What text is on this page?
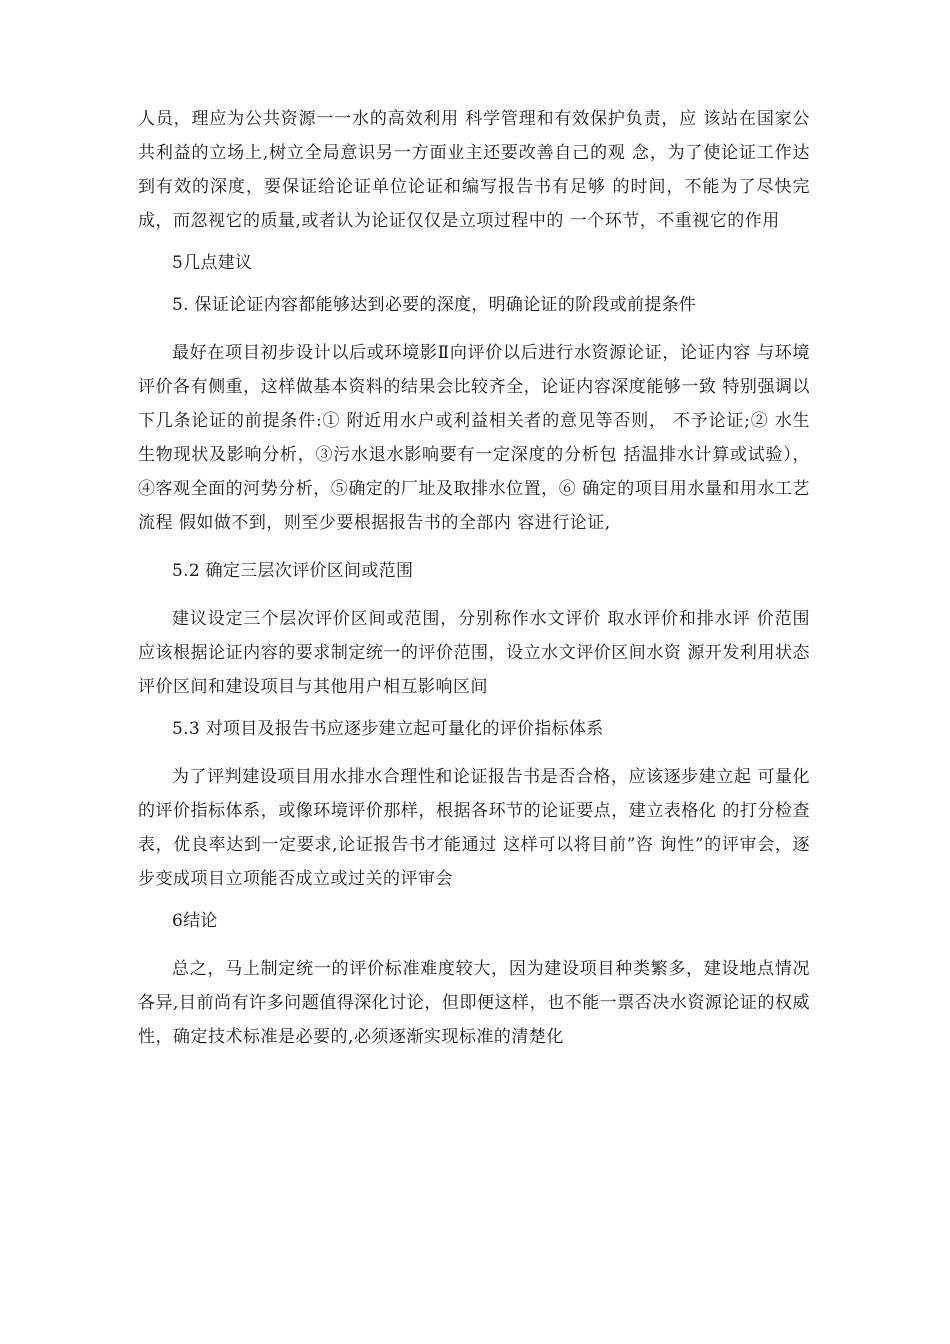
人员，理应为公共资源一一水的高效利用 科学管理和有效保护负责，应 该站在国家公共利益的立场上,树立全局意识另一方面业主还要改善自己的观 念，为了使论证工作达到有效的深度，要保证给论证单位论证和编写报告书有足够 的时间，不能为了尽快完成，而忽视它的质量,或者认为论证仅仅是立项过程中的 一个环节，不重视它的作用

5几点建议

5. 保证论证内容都能够达到必要的深度，明确论证的阶段或前提条件

最好在项目初步设计以后或环境影Ⅱ向评价以后进行水资源论证，论证内容 与环境评价各有侧重，这样做基本资料的结果会比较齐全，论证内容深度能够一致 特别强调以下几条论证的前提条件:① 附近用水户或利益相关者的意见等否则， 不予论证;② 水生生物现状及影响分析，③污水退水影响要有一定深度的分析包 括温排水计算或试验），④客观全面的河势分析，⑤确定的厂址及取排水位置，⑥ 确定的项目用水量和用水工艺流程 假如做不到，则至少要根据报告书的全部内 容进行论证,

5.2 确定三层次评价区间或范围

建议设定三个层次评价区间或范围，分别称作水文评价 取水评价和排水评 价范围应该根据论证内容的要求制定统一的评价范围，设立水文评价区间水资 源开发利用状态评价区间和建设项目与其他用户相互影响区间

5.3 对项目及报告书应逐步建立起可量化的评价指标体系

为了评判建设项目用水排水合理性和论证报告书是否合格，应该逐步建立起 可量化的评价指标体系，或像环境评价那样，根据各环节的论证要点，建立表格化 的打分检查表，优良率达到一定要求,论证报告书才能通过 这样可以将目前”咨 询性”的评审会，逐步变成项目立项能否成立或过关的评审会

6结论

总之，马上制定统一的评价标准难度较大，因为建设项目种类繁多，建设地点情况各异,目前尚有许多问题值得深化讨论，但即便这样，也不能一票否决水资源论证的权威性，确定技术标准是必要的,必须逐渐实现标准的清楚化
